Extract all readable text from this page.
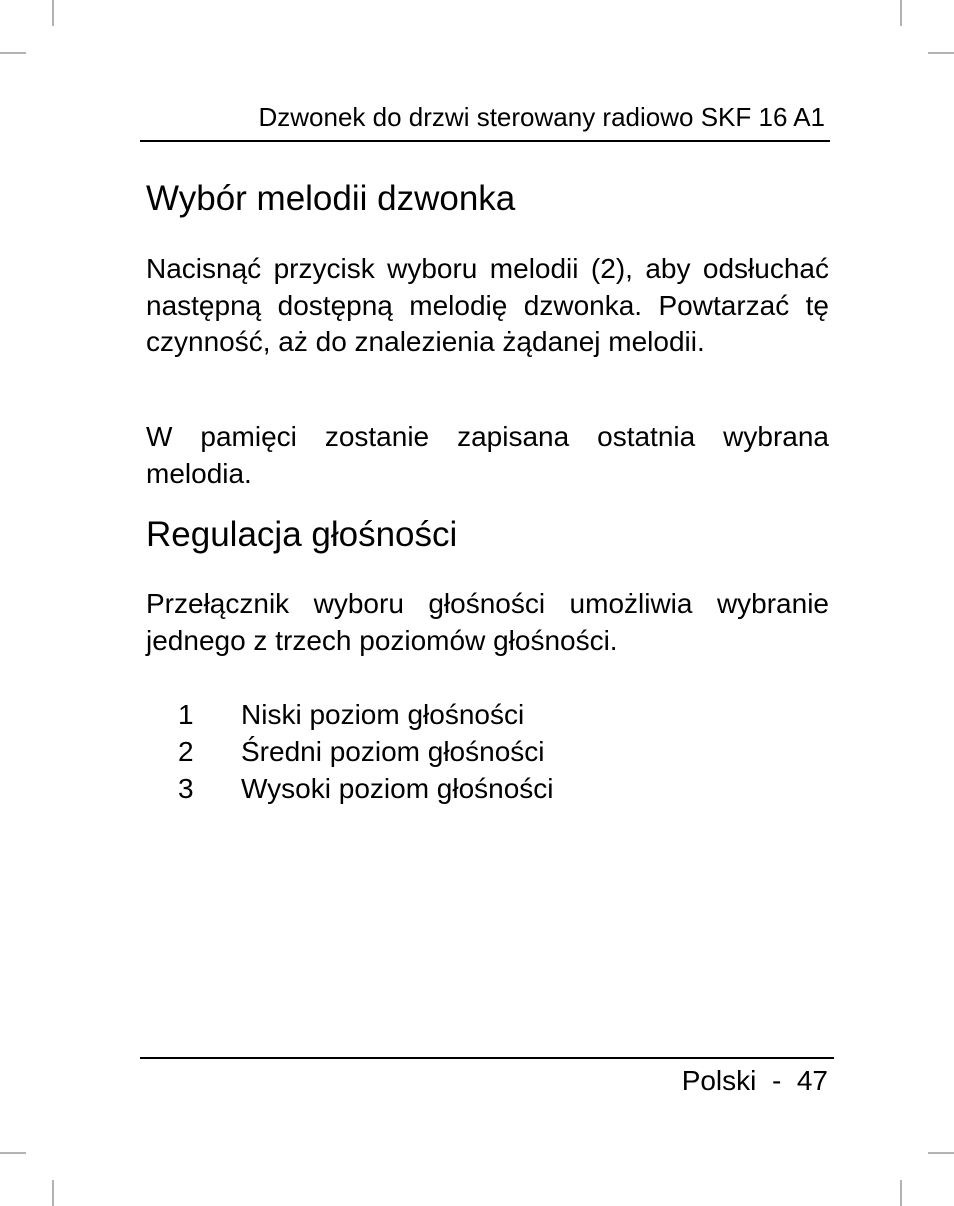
Dzwonek do drzwi sterowany radiowo SKF 16 A1
Wybór melodii dzwonka

Nacisnąć przycisk wyboru melodii (2), aby odsłuchać następną dostępną melodię dzwonka. Powtarzać tę czynność, aż do znalezienia żądanej melodii.

W pamięci zostanie zapisana ostatnia wybrana melodia.

Regulacja głośności

Przełącznik wyboru głośności umożliwia wybranie jednego z trzech poziomów głośności.

1 Niski poziom głośności
2 Średni poziom głośności
3 Wysoki poziom głośności
Polski - 47
